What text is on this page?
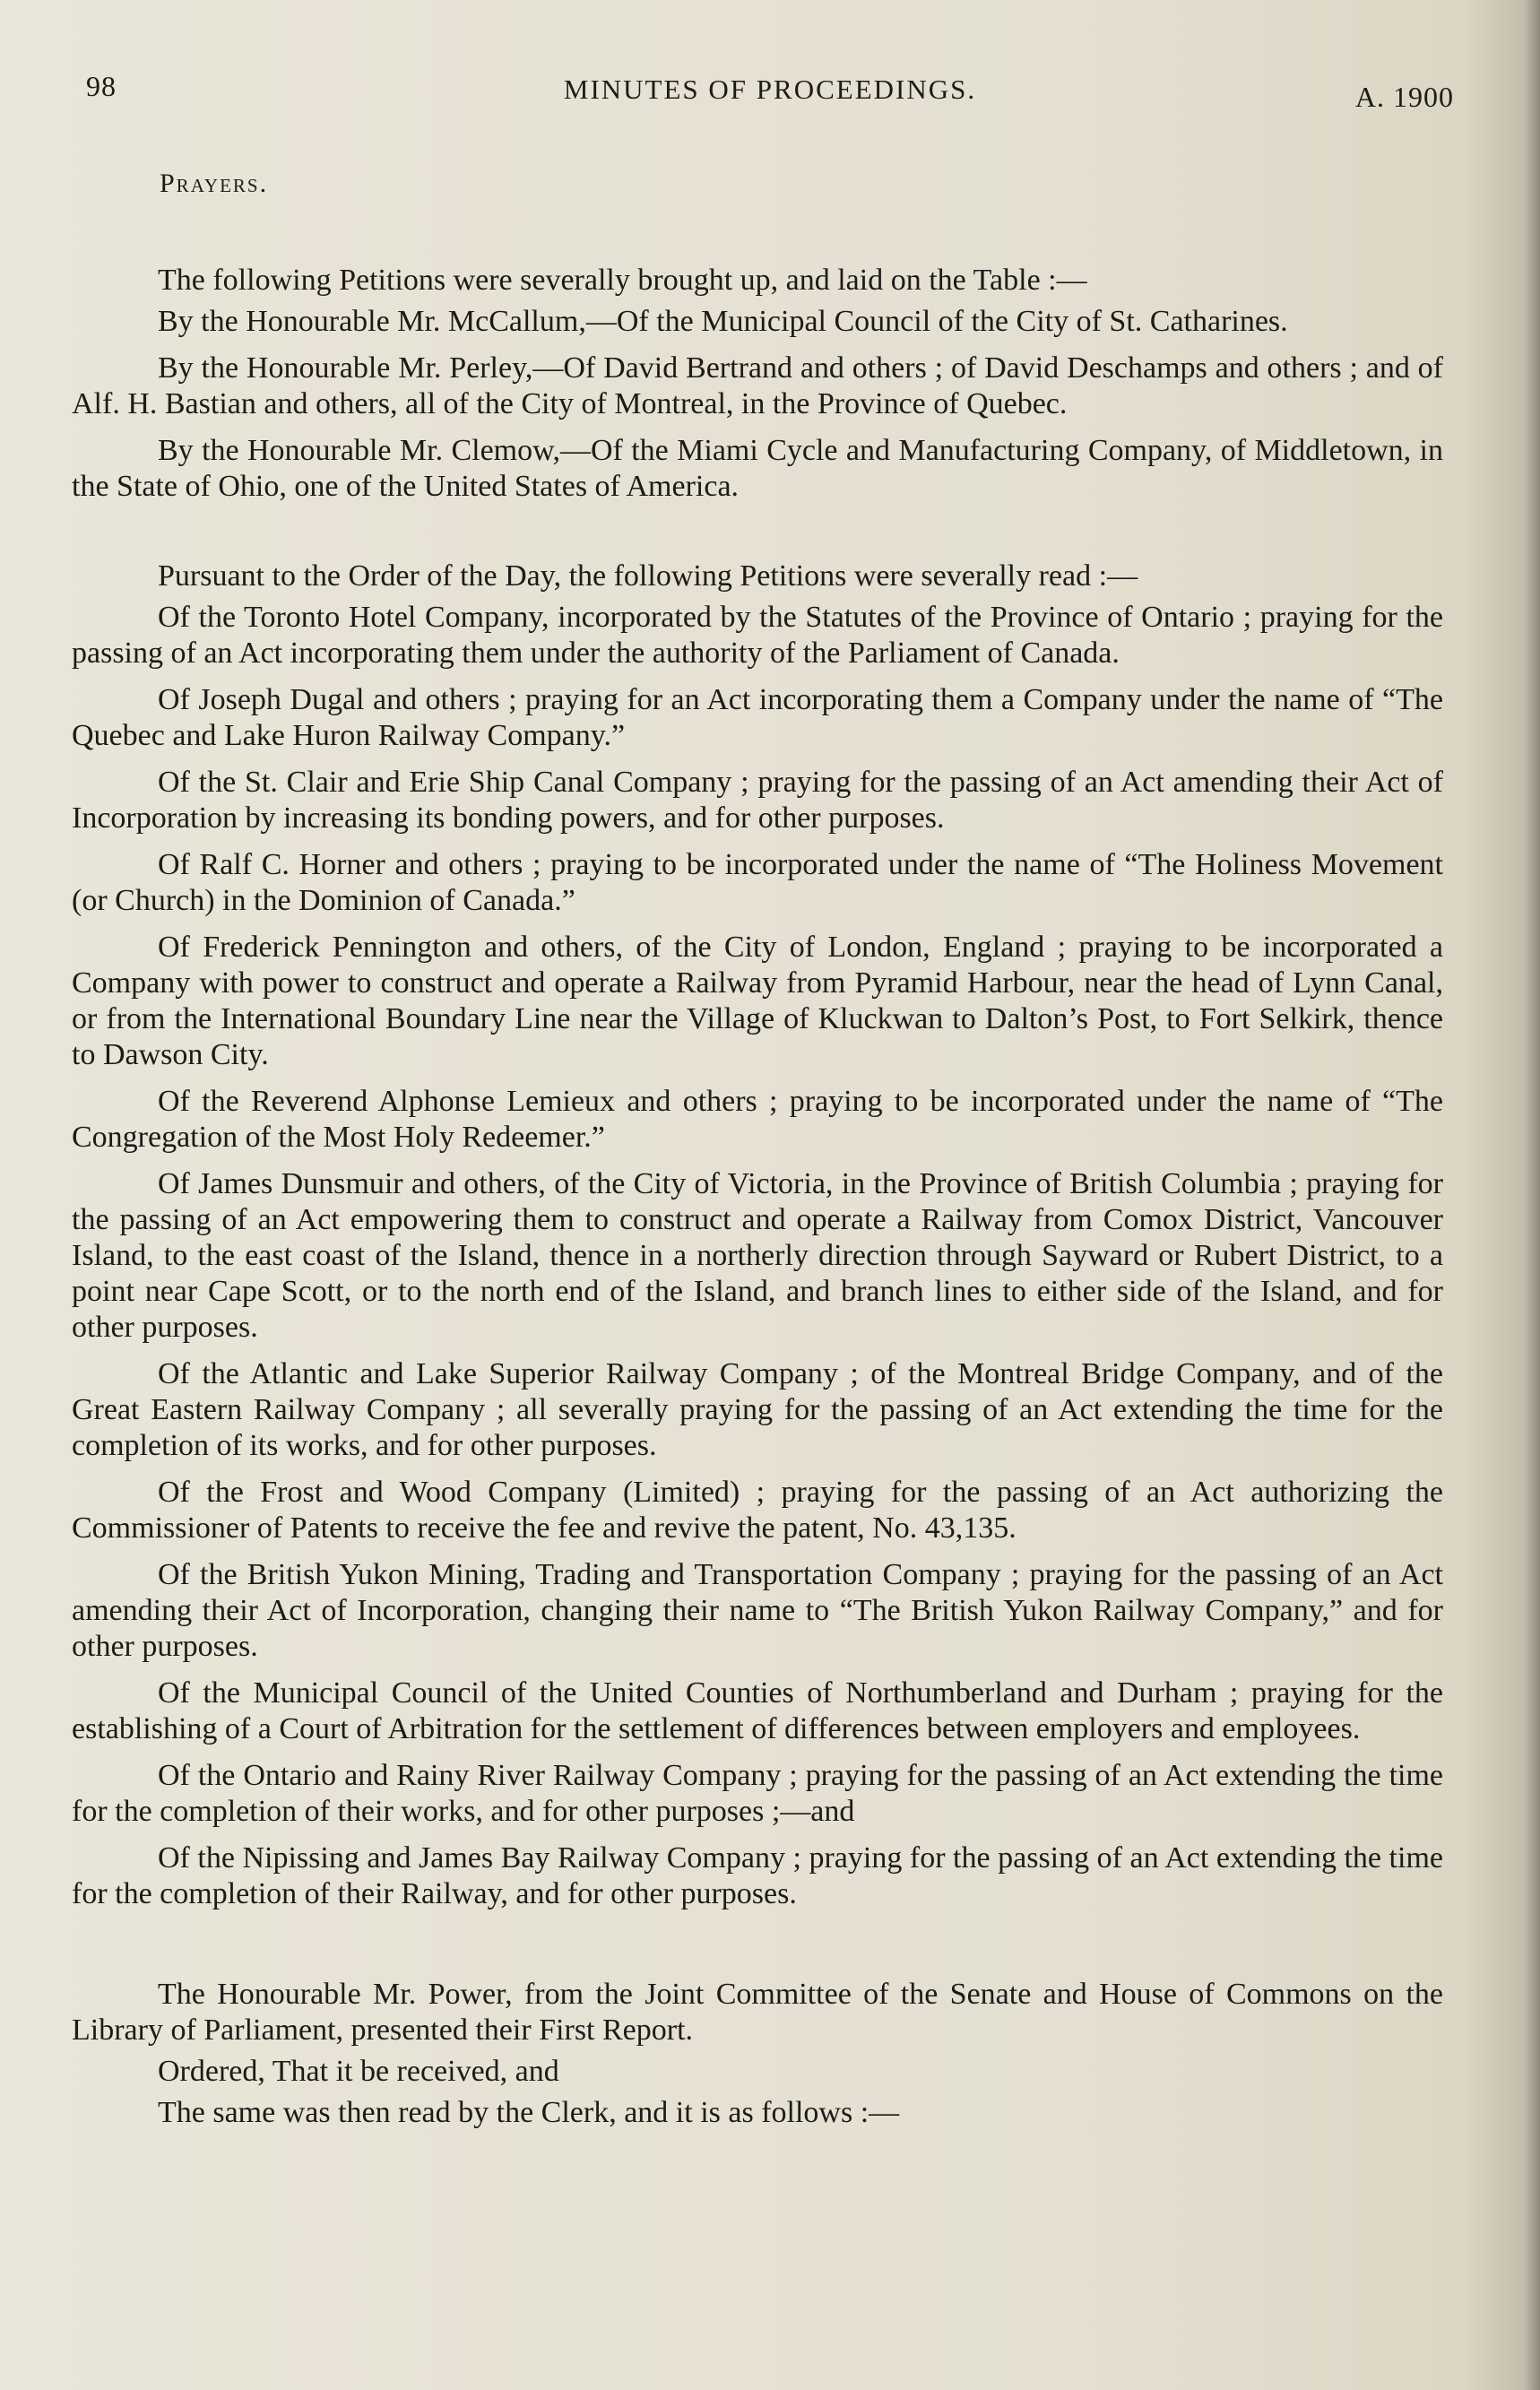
98	MINUTES OF PROCEEDINGS.	A. 1900
Prayers.

The following Petitions were severally brought up, and laid on the Table :—

By the Honourable Mr. McCallum,—Of the Municipal Council of the City of St. Catharines.

By the Honourable Mr. Perley,—Of David Bertrand and others ; of David Deschamps and others ; and of Alf. H. Bastian and others, all of the City of Montreal, in the Province of Quebec.

By the Honourable Mr. Clemow,—Of the Miami Cycle and Manufacturing Company, of Middletown, in the State of Ohio, one of the United States of America.

Pursuant to the Order of the Day, the following Petitions were severally read :—

Of the Toronto Hotel Company, incorporated by the Statutes of the Province of Ontario ; praying for the passing of an Act incorporating them under the authority of the Parliament of Canada.

Of Joseph Dugal and others ; praying for an Act incorporating them a Company under the name of “The Quebec and Lake Huron Railway Company.”

Of the St. Clair and Erie Ship Canal Company ; praying for the passing of an Act amending their Act of Incorporation by increasing its bonding powers, and for other purposes.

Of Ralf C. Horner and others ; praying to be incorporated under the name of “The Holiness Movement (or Church) in the Dominion of Canada.”

Of Frederick Pennington and others, of the City of London, England ; praying to be incorporated a Company with power to construct and operate a Railway from Pyramid Harbour, near the head of Lynn Canal, or from the International Boundary Line near the Village of Kluckwan to Dalton’s Post, to Fort Selkirk, thence to Dawson City.

Of the Reverend Alphonse Lemieux and others ; praying to be incorporated under the name of “The Congregation of the Most Holy Redeemer.”

Of James Dunsmuir and others, of the City of Victoria, in the Province of British Columbia ; praying for the passing of an Act empowering them to construct and operate a Railway from Comox District, Vancouver Island, to the east coast of the Island, thence in a northerly direction through Sayward or Rubert District, to a point near Cape Scott, or to the north end of the Island, and branch lines to either side of the Island, and for other purposes.

Of the Atlantic and Lake Superior Railway Company ; of the Montreal Bridge Company, and of the Great Eastern Railway Company ; all severally praying for the passing of an Act extending the time for the completion of its works, and for other purposes.

Of the Frost and Wood Company (Limited) ; praying for the passing of an Act authorizing the Commissioner of Patents to receive the fee and revive the patent, No. 43,135.

Of the British Yukon Mining, Trading and Transportation Company ; praying for the passing of an Act amending their Act of Incorporation, changing their name to “The British Yukon Railway Company,” and for other purposes.

Of the Municipal Council of the United Counties of Northumberland and Durham ; praying for the establishing of a Court of Arbitration for the settlement of differences between employers and employees.

Of the Ontario and Rainy River Railway Company ; praying for the passing of an Act extending the time for the completion of their works, and for other purposes ;—and

Of the Nipissing and James Bay Railway Company ; praying for the passing of an Act extending the time for the completion of their Railway, and for other purposes.

The Honourable Mr. Power, from the Joint Committee of the Senate and House of Commons on the Library of Parliament, presented their First Report.

Ordered, That it be received, and

The same was then read by the Clerk, and it is as follows :—
